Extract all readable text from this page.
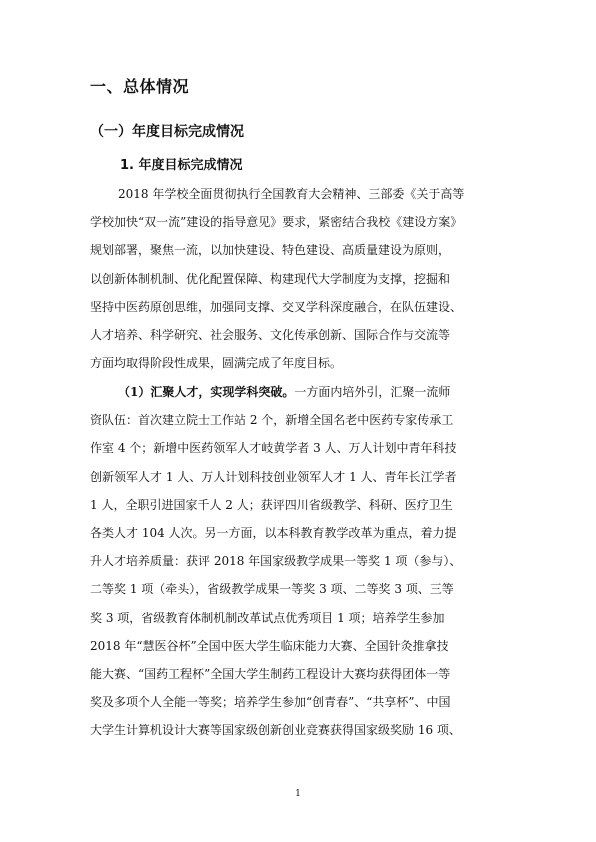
一、总体情况
（一）年度目标完成情况
1. 年度目标完成情况
2018 年学校全面贯彻执行全国教育大会精神、三部委《关于高等
学校加快“双一流”建设的指导意见》要求，紧密结合我校《建设方案》
规划部署，聚焦一流，以加快建设、特色建设、高质量建设为原则，
以创新体制机制、优化配置保障、构建现代大学制度为支撑，挖掘和
坚持中医药原创思维，加强同支撑、交叉学科深度融合，在队伍建设、
人才培养、科学研究、社会服务、文化传承创新、国际合作与交流等
方面均取得阶段性成果，圆满完成了年度目标。
（1）汇聚人才，实现学科突破。一方面内培外引，汇聚一流师
资队伍：首次建立院士工作站 2 个，新增全国名老中医药专家传承工
作室 4 个；新增中医药领军人才岐黄学者 3 人、万人计划中青年科技
创新领军人才 1 人、万人计划科技创业领军人才 1 人、青年长江学者
1 人，全职引进国家千人 2 人；获评四川省级教学、科研、医疗卫生
各类人才 104 人次。另一方面，以本科教育教学改革为重点，着力提
升人才培养质量：获评 2018 年国家级教学成果一等奖 1 项（参与）、
二等奖 1 项（牵头），省级教学成果一等奖 3 项、二等奖 3 项、三等
奖 3 项，省级教育体制机制改革试点优秀项目 1 项；培养学生参加
2018 年“慧医谷杯”全国中医大学生临床能力大赛、全国针灸推拿技
能大赛、“国药工程杯”全国大学生制药工程设计大赛均获得团体一等
奖及多项个人全能一等奖；培养学生参加“创青春”、“共享杯”、中国
大学生计算机设计大赛等国家级创新创业竞赛获得国家级奖励 16 项、
1
